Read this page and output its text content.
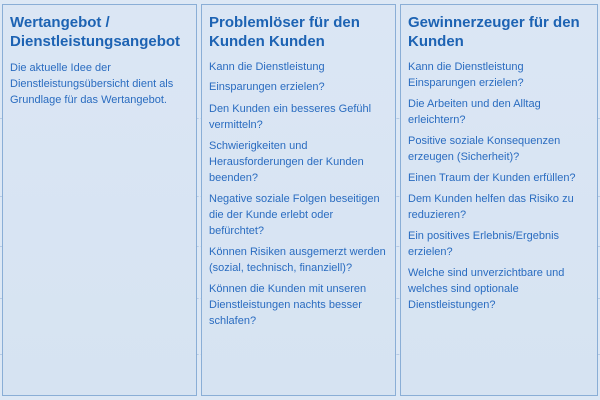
Wertangebot / Dienstleistungsangebot
Die aktuelle Idee der Dienstleistungsübersicht dient als Grundlage für das Wertangebot.
Problemlöser für den Kunden Kunden
Kann die Dienstleistung
Einsparungen erzielen?
Den Kunden ein besseres Gefühl vermitteln?
Schwierigkeiten und Herausforderungen der Kunden beenden?
Negative soziale Folgen beseitigen die der Kunde erlebt oder befürchtet?
Können Risiken ausgemerzt werden (sozial, technisch, finanziell)?
Können die Kunden mit unseren Dienstleistungen nachts besser schlafen?
Gewinnerzeuger für den Kunden
Kann die Dienstleistung Einsparungen erzielen?
Die Arbeiten und den Alltag erleichtern?
Positive soziale Konsequenzen erzeugen (Sicherheit)?
Einen Traum der Kunden erfüllen?
Dem Kunden helfen das Risiko zu reduzieren?
Ein positives Erlebnis/Ergebnis erzielen?
Welche sind unverzichtbare und welches sind optionale Dienstleistungen?
